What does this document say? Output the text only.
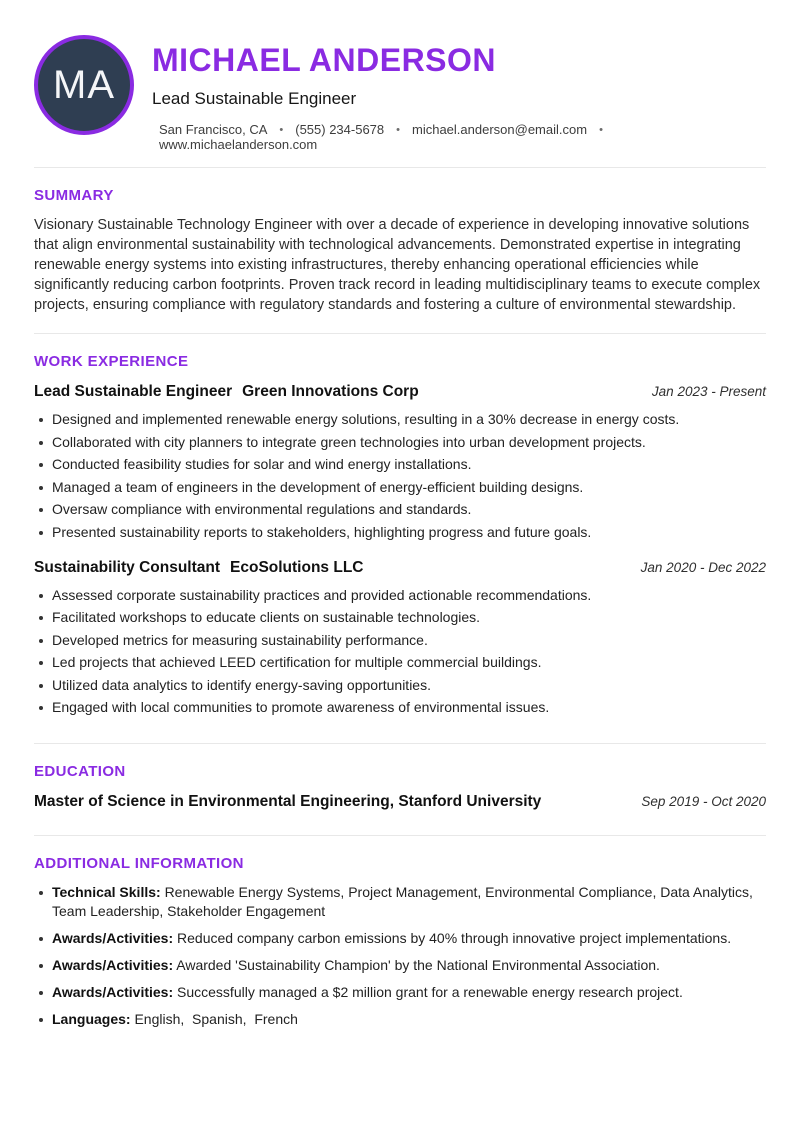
MA
MICHAEL ANDERSON
Lead Sustainable Engineer
San Francisco, CA • (555) 234-5678 • michael.anderson@email.com •www.michaelanderson.com
SUMMARY

Visionary Sustainable Technology Engineer with over a decade of experience in developing innovative solutions that align environmental sustainability with technological advancements. Demonstrated expertise in integrating renewable energy systems into existing infrastructures, thereby enhancing operational efficiencies while significantly reducing carbon footprints. Proven track record in leading multidisciplinary teams to execute complex projects, ensuring compliance with regulatory standards and fostering a culture of environmental stewardship.

WORK EXPERIENCE
Lead Sustainable Engineer Green Innovations Corp	Jan 2023 - Present
Designed and implemented renewable energy solutions, resulting in a 30% decrease in energy costs.
Collaborated with city planners to integrate green technologies into urban development projects.
Conducted feasibility studies for solar and wind energy installations.
Managed a team of engineers in the development of energy-efficient building designs.
Oversaw compliance with environmental regulations and standards.
Presented sustainability reports to stakeholders, highlighting progress and future goals.
Sustainability Consultant EcoSolutions LLC	Jan 2020 - Dec 2022
Assessed corporate sustainability practices and provided actionable recommendations.
Facilitated workshops to educate clients on sustainable technologies.
Developed metrics for measuring sustainability performance.
Led projects that achieved LEED certification for multiple commercial buildings.
Utilized data analytics to identify energy-saving opportunities.
Engaged with local communities to promote awareness of environmental issues.
EDUCATION
Master of Science in Environmental Engineering, Stanford University	Sep 2019 - Oct 2020
ADDITIONAL INFORMATION
Technical Skills: Renewable Energy Systems, Project Management, Environmental Compliance, Data Analytics, Team Leadership, Stakeholder Engagement
Awards/Activities: Reduced company carbon emissions by 40% through innovative project implementations.
Awards/Activities: Awarded 'Sustainability Champion' by the National Environmental Association.
Awards/Activities: Successfully managed a $2 million grant for a renewable energy research project.
Languages: English,  Spanish,  French
